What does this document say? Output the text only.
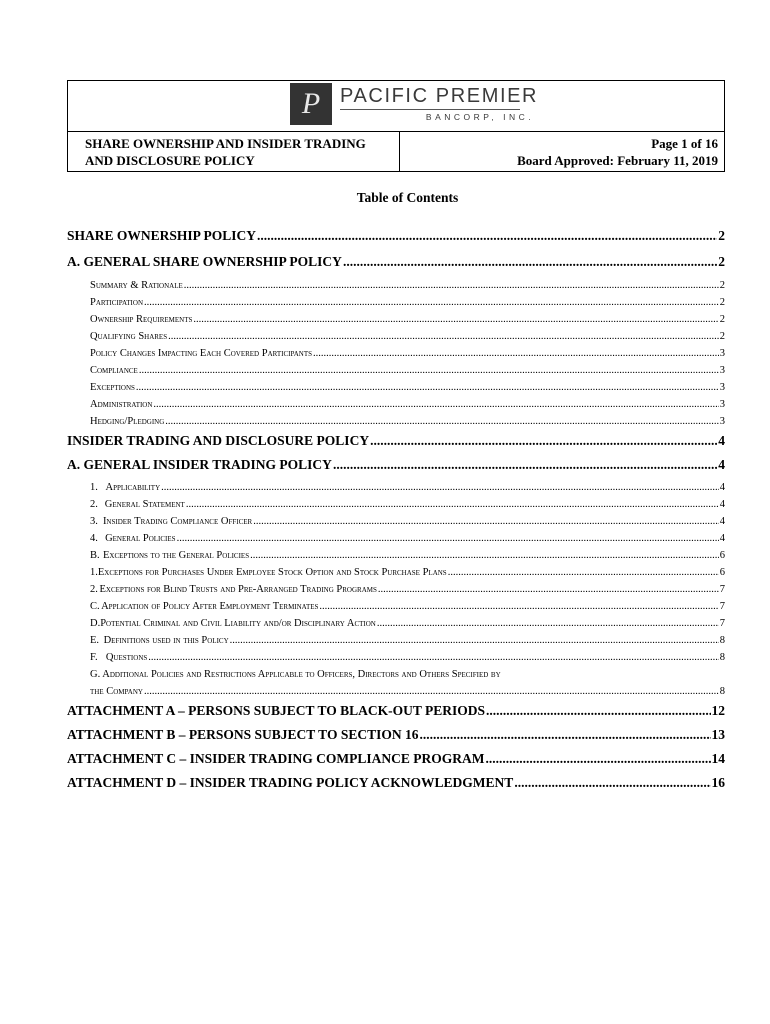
P PACIFIC PREMIER
BANCORP, INC.
SHARE OWNERSHIP AND INSIDER TRADING
AND DISCLOSURE POLICY
Page 1 of 16
Board Approved: February 11, 2019
Table of Contents
SHARE OWNERSHIP POLICY .....	2
A. GENERAL SHARE OWNERSHIP POLICY .....	2
Summary & Rationale .....	2
Participation .....	2
Ownership Requirements .....	2
Qualifying Shares .....	2
Policy Changes Impacting Each Covered Participants .....	3
Compliance .....	3
Exceptions .....	3
Administration .....	3
Hedging/Pledging .....	3
INSIDER TRADING AND DISCLOSURE POLICY .....	4
A. GENERAL INSIDER TRADING POLICY .....	4
1. Applicability .....	4
2. General Statement .....	4
3. Insider Trading Compliance Officer .....	4
4. General Policies .....	4
B. Exceptions to the General Policies .....	6
1. Exceptions for Purchases Under Employee Stock Option and Stock Purchase Plans .....	6
2. Exceptions for Blind Trusts and Pre-Arranged Trading Programs .....	7
C. Application of Policy After Employment Terminates .....	7
D. Potential Criminal and Civil Liability and/or Disciplinary Action .....	7
E. Definitions used in this Policy .....	8
F. Questions .....	8
G. Additional Policies and Restrictions Applicable to Officers, Directors and Others Specified by
the Company .....	8
ATTACHMENT A – PERSONS SUBJECT TO BLACK-OUT PERIODS .....	12
ATTACHMENT B – PERSONS SUBJECT TO SECTION 16 .....	13
ATTACHMENT C – INSIDER TRADING COMPLIANCE PROGRAM .....	14
ATTACHMENT D – INSIDER TRADING POLICY ACKNOWLEDGMENT .....	16
